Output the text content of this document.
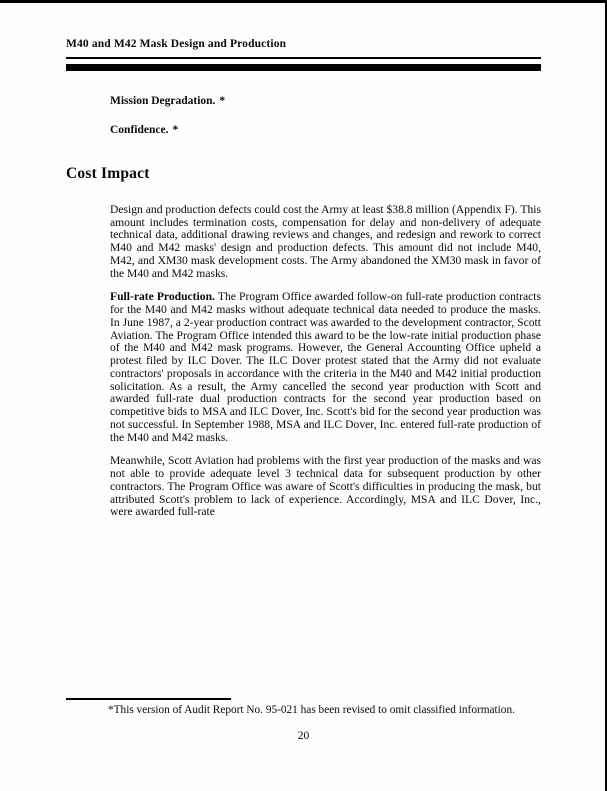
M40 and M42 Mask Design and Production
Mission Degradation. *
Confidence. *
Cost Impact

Design and production defects could cost the Army at least $38.8 million (Appendix F). This amount includes termination costs, compensation for delay and non-delivery of adequate technical data, additional drawing reviews and changes, and redesign and rework to correct M40 and M42 masks' design and production defects. This amount did not include M40, M42, and XM30 mask development costs. The Army abandoned the XM30 mask in favor of the M40 and M42 masks.

Full-rate Production. The Program Office awarded follow-on full-rate production contracts for the M40 and M42 masks without adequate technical data needed to produce the masks. In June 1987, a 2-year production contract was awarded to the development contractor, Scott Aviation. The Program Office intended this award to be the low-rate initial production phase of the M40 and M42 mask programs. However, the General Accounting Office upheld a protest filed by ILC Dover. The ILC Dover protest stated that the Army did not evaluate contractors' proposals in accordance with the criteria in the M40 and M42 initial production solicitation. As a result, the Army cancelled the second year production with Scott and awarded full-rate dual production contracts for the second year production based on competitive bids to MSA and ILC Dover, Inc. Scott's bid for the second year production was not successful. In September 1988, MSA and ILC Dover, Inc. entered full-rate production of the M40 and M42 masks.

Meanwhile, Scott Aviation had problems with the first year production of the masks and was not able to provide adequate level 3 technical data for subsequent production by other contractors. The Program Office was aware of Scott's difficulties in producing the mask, but attributed Scott's problem to lack of experience. Accordingly, MSA and ILC Dover, Inc., were awarded full-rate

*This version of Audit Report No. 95-021 has been revised to omit classified information.

20
